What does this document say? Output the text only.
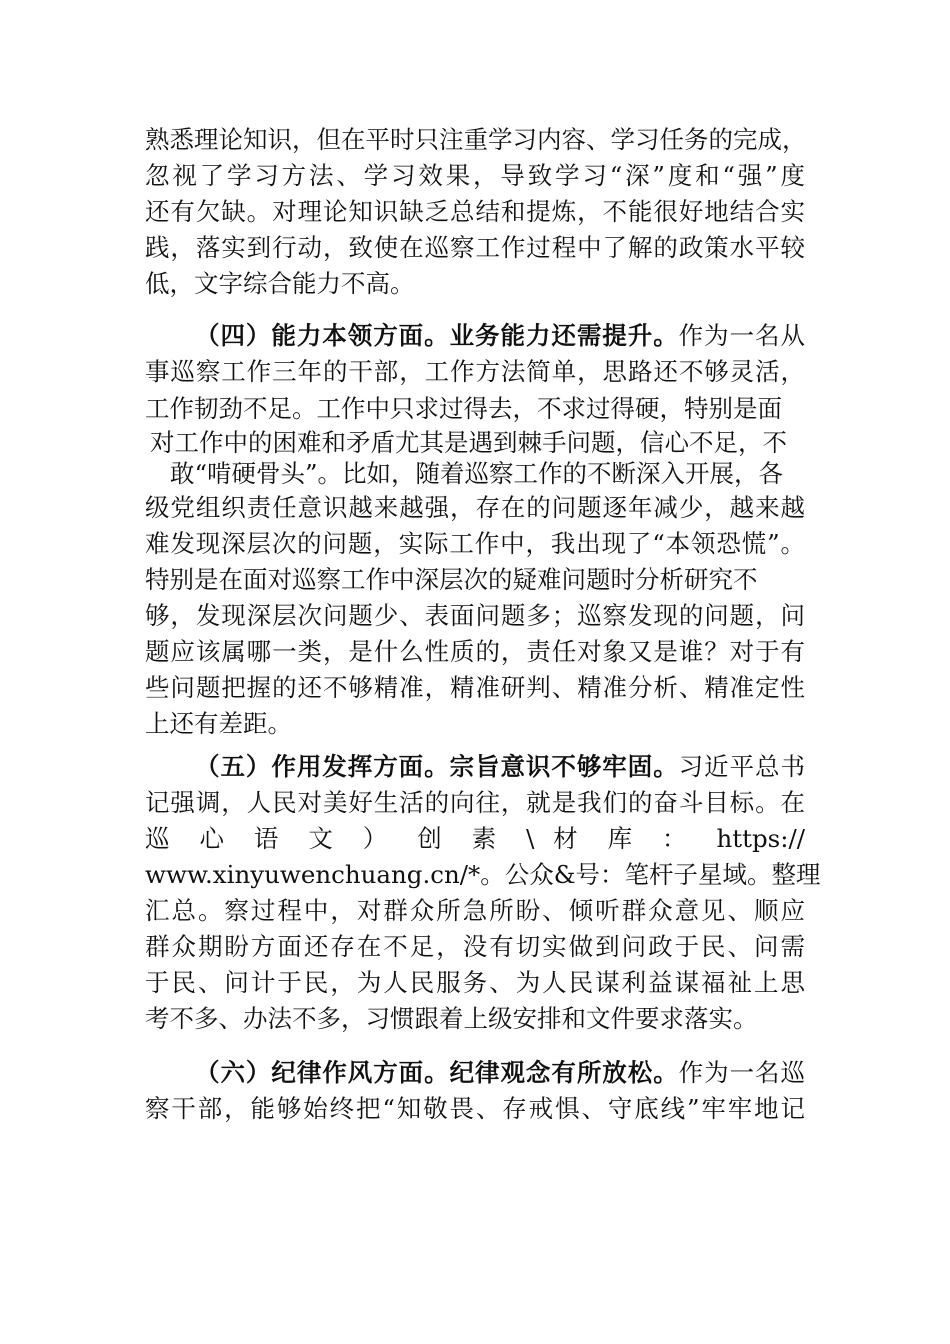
熟悉理论知识，但在平时只注重学习内容、学习任务的完成，
忽视了学习方法、学习效果，导致学习“深”度和“强”度
还有欠缺。对理论知识缺乏总结和提炼，不能很好地结合实
践，落实到行动，致使在巡察工作过程中了解的政策水平较
低，文字综合能力不高。
（四）能力本领方面。业务能力还需提升。作为一名从
事巡察工作三年的干部，工作方法简单，思路还不够灵活，
工作韧劲不足。工作中只求过得去，不求过得硬，特别是面
对工作中的困难和矛盾尤其是遇到棘手问题，信心不足，不
敢“啃硬骨头”。比如，随着巡察工作的不断深入开展，各
级党组织责任意识越来越强，存在的问题逐年减少，越来越
难发现深层次的问题，实际工作中，我出现了“本领恐慌”。
特别是在面对巡察工作中深层次的疑难问题时分析研究不
够，发现深层次问题少、表面问题多；巡察发现的问题，问
题应该属哪一类，是什么性质的，责任对象又是谁？对于有
些问题把握的还不够精准，精准研判、精准分析、精准定性
上还有差距。
（五）作用发挥方面。宗旨意识不够牢固。习近平总书
记强调，人民对美好生活的向往，就是我们的奋斗目标。在
巡 心 语 文 ） 创 素 \ 材 库 ： https://
www.xinyuwenchuang.cn/*。公众&号：笔杆子星域。整理
汇总。察过程中，对群众所急所盼、倾听群众意见、顺应
群众期盼方面还存在不足，没有切实做到问政于民、问需
于民、问计于民，为人民服务、为人民谋利益谋福祉上思
考不多、办法不多，习惯跟着上级安排和文件要求落实。
（六）纪律作风方面。纪律观念有所放松。作为一名巡
察干部，能够始终把“知敬畏、存戒惧、守底线”牢牢地记
